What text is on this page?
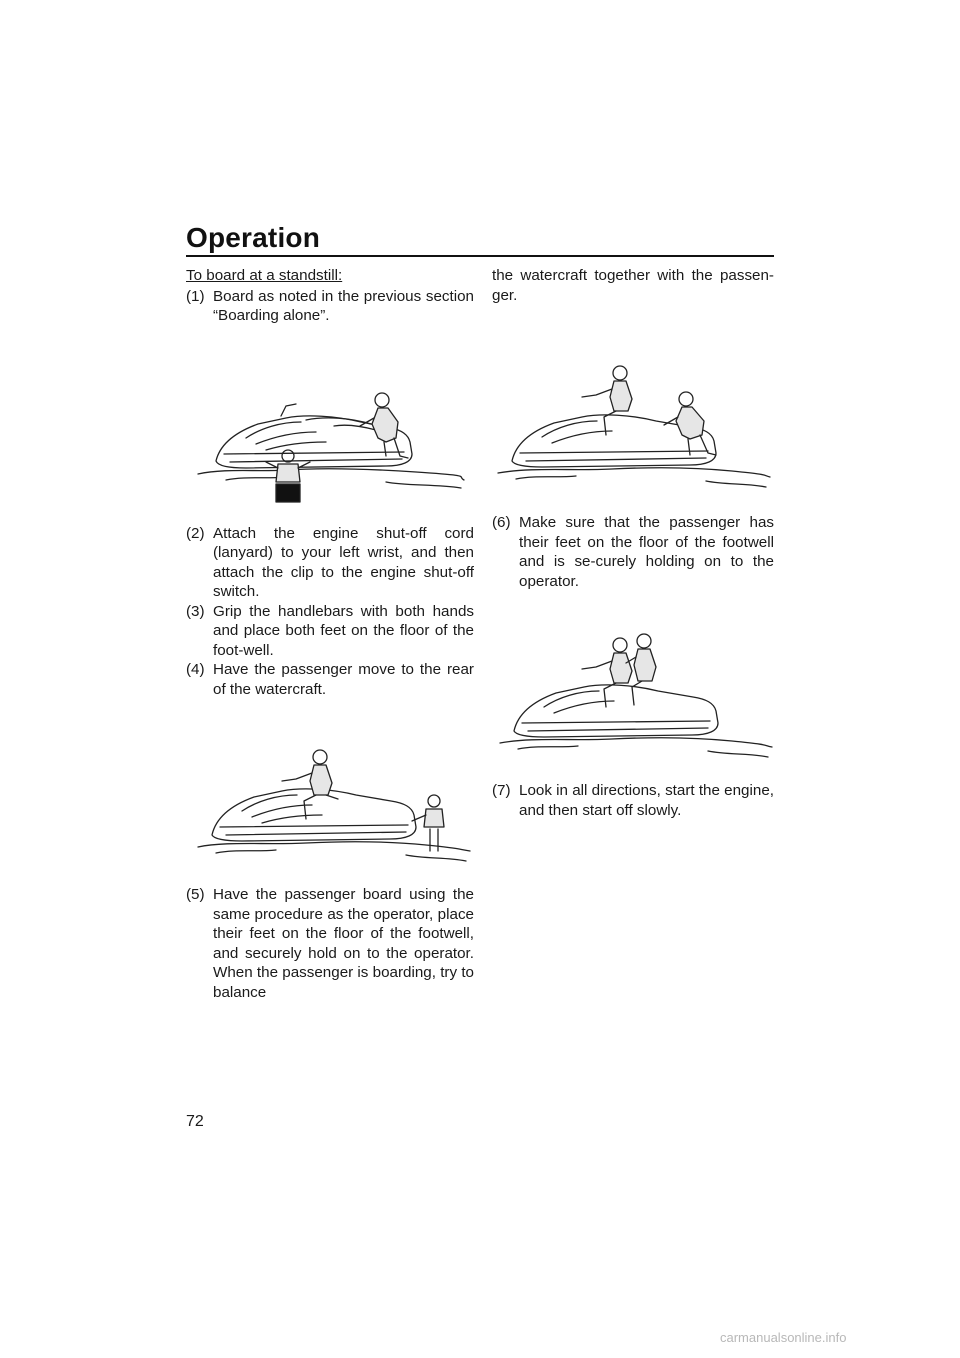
Operation
To board at a standstill:
(1) Board as noted in the previous section “Boarding alone”.
(2) Attach the engine shut-off cord (lanyard) to your left wrist, and then attach the clip to the engine shut-off switch.
(3) Grip the handlebars with both hands and place both feet on the floor of the foot-well.
(4) Have the passenger move to the rear of the watercraft.
(5) Have the passenger board using the same procedure as the operator, place their feet on the floor of the footwell, and securely hold on to the operator. When the passenger is boarding, try to balance
the watercraft together with the passen-ger.
(6) Make sure that the passenger has their feet on the floor of the footwell and is se-curely holding on to the operator.
(7) Look in all directions, start the engine, and then start off slowly.
72
carmanualsonline.info
